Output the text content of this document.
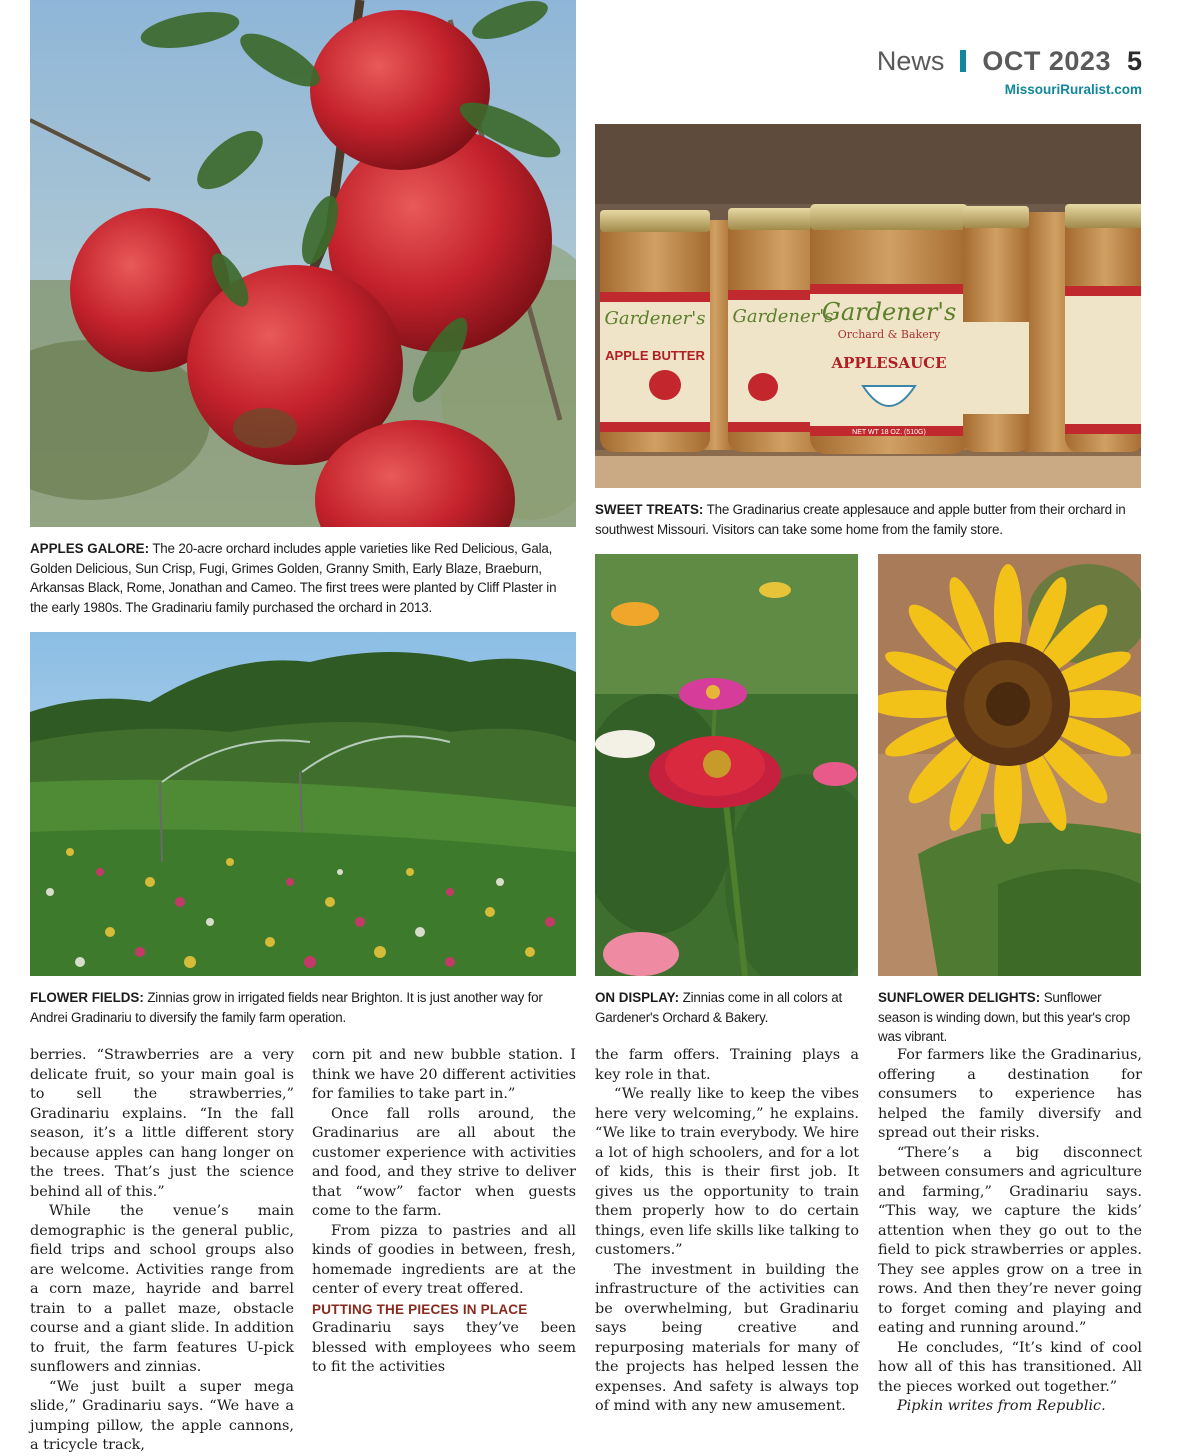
News OCT 2023 5
MissouriRuralist.com
Gardener's
APPLE BUTTER
Gardener's
Gardener's
Orchard & Bakery
APPLESAUCE
NET WT 18 OZ. (510G)
SWEET TREATS: The Gradinarius create applesauce and apple butter from their orchard in southwest Missouri. Visitors can take some home from the family store.
APPLES GALORE: The 20-acre orchard includes apple varieties like Red Delicious, Gala, Golden Delicious, Sun Crisp, Fugi, Grimes Golden, Granny Smith, Early Blaze, Braeburn, Arkansas Black, Rome, Jonathan and Cameo. The first trees were planted by Cliff Plaster in the early 1980s. The Gradinariu family purchased the orchard in 2013.
FLOWER FIELDS: Zinnias grow in irrigated fields near Brighton. It is just another way for Andrei Gradinariu to diversify the family farm operation.
ON DISPLAY: Zinnias come in all colors at Gardener's Orchard & Bakery.
SUNFLOWER DELIGHTS: Sunflower season is winding down, but this year's crop was vibrant.

berries. “Strawberries are a very delicate fruit, so your main goal is to sell the strawberries,” Gradinariu explains. “In the fall season, it’s a little different story because apples can hang longer on the trees. That’s just the science behind all of this.”

While the venue’s main demographic is the general public, field trips and school groups also are welcome. Activities range from a corn maze, hayride and barrel train to a pallet maze, obstacle course and a giant slide. In addition to fruit, the farm features U-pick sunflowers and zinnias.

“We just built a super mega slide,” Gradinariu says. “We have a jumping pillow, the apple cannons, a tricycle track,

corn pit and new bubble station. I think we have 20 different activities for families to take part in.”

Once fall rolls around, the Gradinarius are all about the customer experience with activities and food, and they strive to deliver that “wow” factor when guests come to the farm.

From pizza to pastries and all kinds of goodies in between, fresh, homemade ingredients are at the center of every treat offered.

PUTTING THE PIECES IN PLACE

Gradinariu says they’ve been blessed with employees who seem to fit the activities

the farm offers. Training plays a key role in that.

“We really like to keep the vibes here very welcoming,” he explains. “We like to train everybody. We hire a lot of high schoolers, and for a lot of kids, this is their first job. It gives us the opportunity to train them properly how to do certain things, even life skills like talking to customers.”

The investment in building the infrastructure of the activities can be overwhelming, but Gradinariu says being creative and repurposing materials for many of the projects has helped lessen the expenses. And safety is always top of mind with any new amusement.

For farmers like the Gradinarius, offering a destination for consumers to experience has helped the family diversify and spread out their risks.

“There’s a big disconnect between consumers and agriculture and farming,” Gradinariu says. “This way, we capture the kids’ attention when they go out to the field to pick strawberries or apples. They see apples grow on a tree in rows. And then they’re never going to forget coming and playing and eating and running around.”

He concludes, “It’s kind of cool how all of this has transitioned. All the pieces worked out together.”

Pipkin writes from Republic.
